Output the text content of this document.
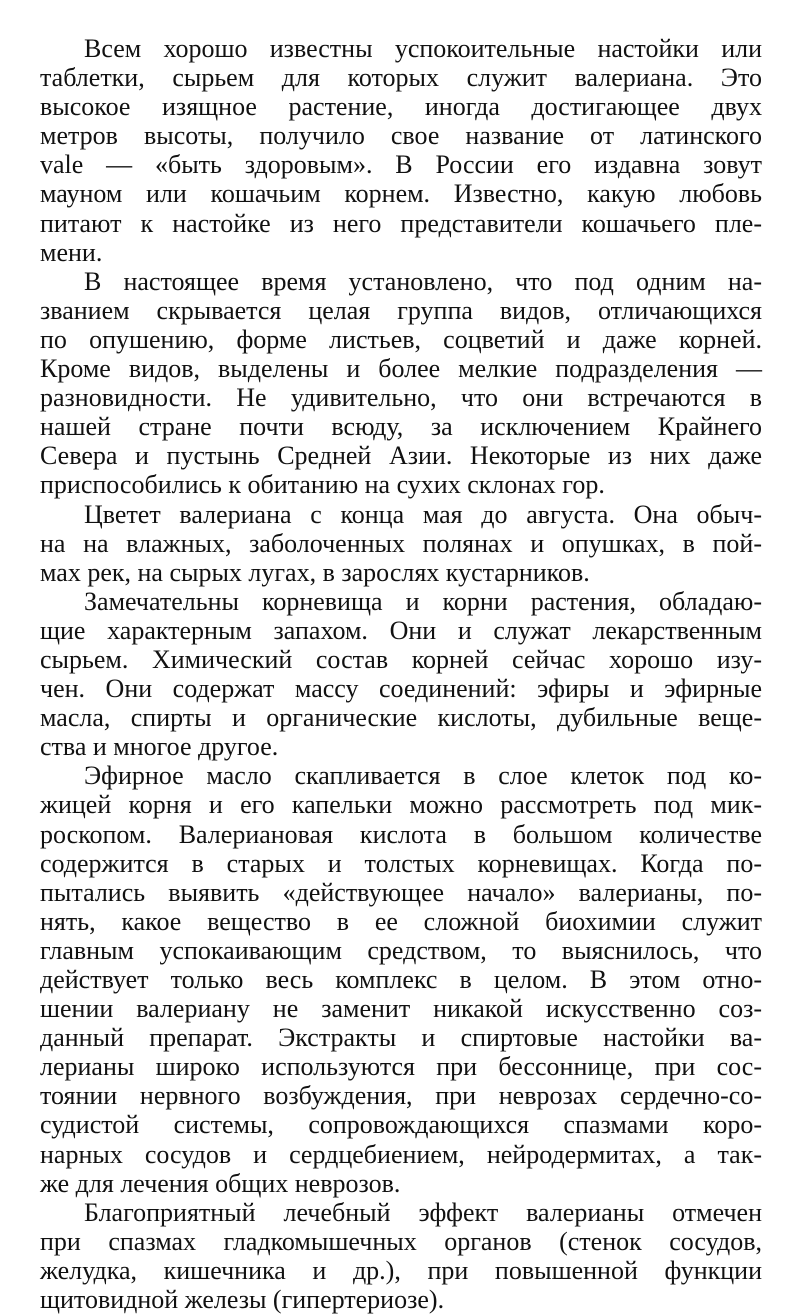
Всем хорошо известны успокоительные настойки или
таблетки, сырьем для которых служит валериана. Это
высокое изящное растение, иногда достигающее двух
метров высоты, получило свое название от латинского
vale — «быть здоровым». В России его издавна зовут
мауном или кошачьим корнем. Известно, какую любовь
питают к настойке из него представители кошачьего пле-
мени.
В настоящее время установлено, что под одним на-
званием скрывается целая группа видов, отличающихся
по опушению, форме листьев, соцветий и даже корней.
Кроме видов, выделены и более мелкие подразделения —
разновидности. Не удивительно, что они встречаются в
нашей стране почти всюду, за исключением Крайнего
Севера и пустынь Средней Азии. Некоторые из них даже
приспособились к обитанию на сухих склонах гор.
Цветет валериана с конца мая до августа. Она обыч-
на на влажных, заболоченных полянах и опушках, в пой-
мах рек, на сырых лугах, в зарослях кустарников.
Замечательны корневища и корни растения, обладаю-
щие характерным запахом. Они и служат лекарственным
сырьем. Химический состав корней сейчас хорошо изу-
чен. Они содержат массу соединений: эфиры и эфирные
масла, спирты и органические кислоты, дубильные веще-
ства и многое другое.
Эфирное масло скапливается в слое клеток под ко-
жицей корня и его капельки можно рассмотреть под мик-
роскопом. Валериановая кислота в большом количестве
содержится в старых и толстых корневищах. Когда по-
пытались выявить «действующее начало» валерианы, по-
нять, какое вещество в ее сложной биохимии служит
главным успокаивающим средством, то выяснилось, что
действует только весь комплекс в целом. В этом отно-
шении валериану не заменит никакой искусственно соз-
данный препарат. Экстракты и спиртовые настойки ва-
лерианы широко используются при бессоннице, при сос-
тоянии нервного возбуждения, при неврозах сердечно-со-
судистой системы, сопровождающихся спазмами коро-
нарных сосудов и сердцебиением, нейродермитах, а так-
же для лечения общих неврозов.
Благоприятный лечебный эффект валерианы отмечен
при спазмах гладкомышечных органов (стенок сосудов,
желудка, кишечника и др.), при повышенной функции
щитовидной железы (гипертериозе).
